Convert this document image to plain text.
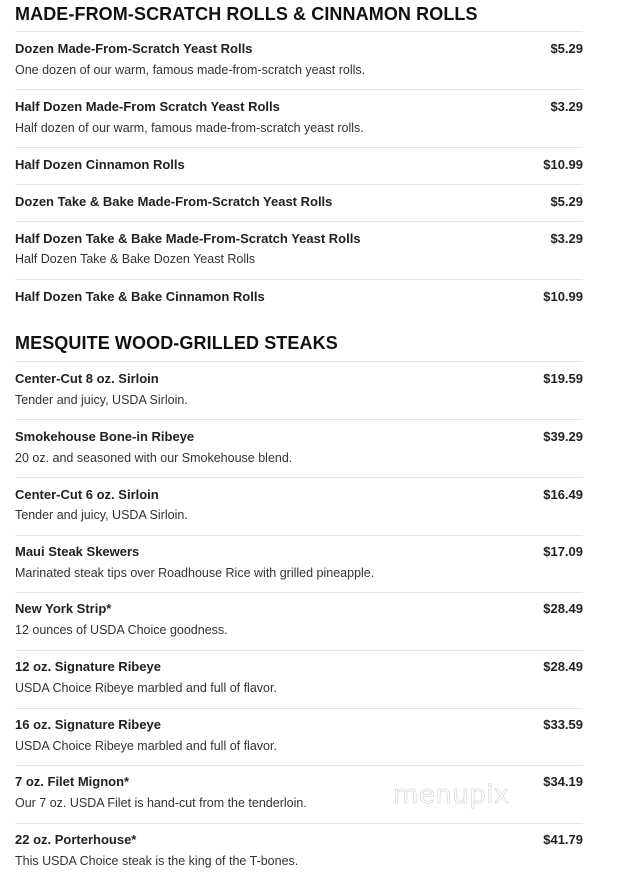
MADE-FROM-SCRATCH ROLLS & CINNAMON ROLLS
Dozen Made-From-Scratch Yeast Rolls	$5.29
One dozen of our warm, famous made-from-scratch yeast rolls.
Half Dozen Made-From Scratch Yeast Rolls	$3.29
Half dozen of our warm, famous made-from-scratch yeast rolls.
Half Dozen Cinnamon Rolls	$10.99
Dozen Take & Bake Made-From-Scratch Yeast Rolls	$5.29
Half Dozen Take & Bake Made-From-Scratch Yeast Rolls	$3.29
Half Dozen Take & Bake Dozen Yeast Rolls
Half Dozen Take & Bake Cinnamon Rolls	$10.99
MESQUITE WOOD-GRILLED STEAKS
Center-Cut 8 oz. Sirloin	$19.59
Tender and juicy, USDA Sirloin.
Smokehouse Bone-in Ribeye	$39.29
20 oz. and seasoned with our Smokehouse blend.
Center-Cut 6 oz. Sirloin	$16.49
Tender and juicy, USDA Sirloin.
Maui Steak Skewers	$17.09
Marinated steak tips over Roadhouse Rice with grilled pineapple.
New York Strip*	$28.49
12 ounces of USDA Choice goodness.
12 oz. Signature Ribeye	$28.49
USDA Choice Ribeye marbled and full of flavor.
16 oz. Signature Ribeye	$33.59
USDA Choice Ribeye marbled and full of flavor.
7 oz. Filet Mignon*	$34.19
Our 7 oz. USDA Filet is hand-cut from the tenderloin.
22 oz. Porterhouse*	$41.79
This USDA Choice steak is the king of the T-bones.
menupix
